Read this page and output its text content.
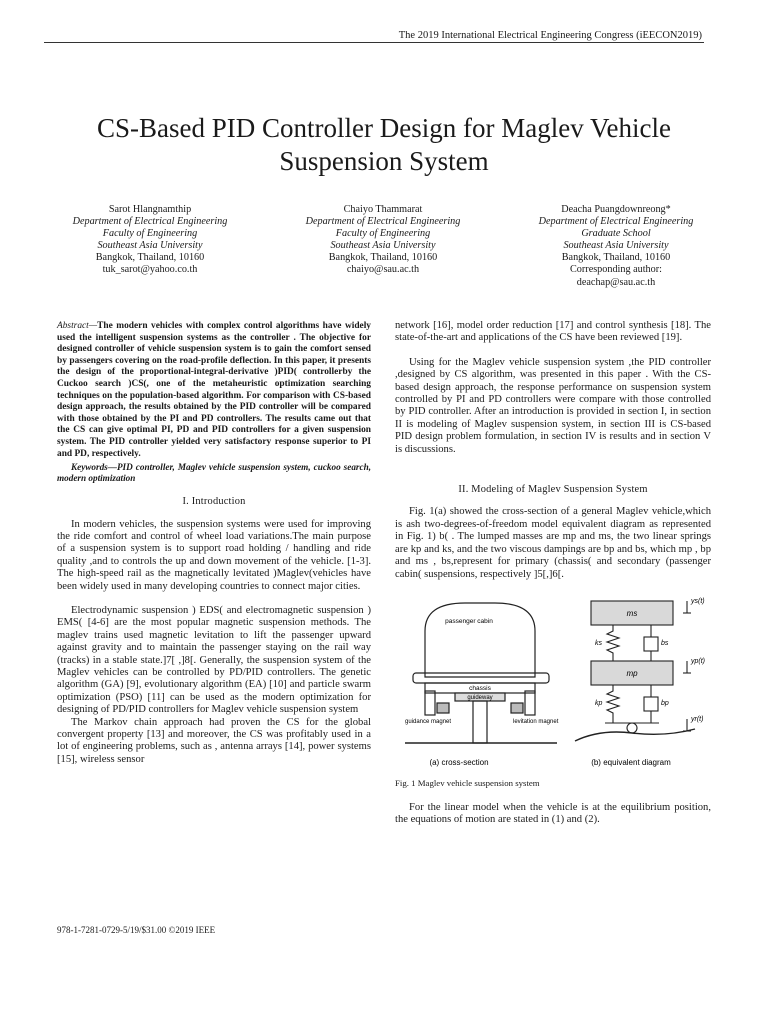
The 2019 International Electrical Engineering Congress (iEECON2019)
CS-Based PID Controller Design for Maglev Vehicle Suspension System
Sarot Hlangnamthip
Department of Electrical Engineering
Faculty of Engineering
Southeast Asia University
Bangkok, Thailand, 10160
tuk_sarot@yahoo.co.th
Chaiyo Thammarat
Department of Electrical Engineering
Faculty of Engineering
Southeast Asia University
Bangkok, Thailand, 10160
chaiyo@sau.ac.th
Deacha Puangdownreong*
Department of Electrical Engineering
Graduate School
Southeast Asia University
Bangkok, Thailand, 10160
Corresponding author:
deachap@sau.ac.th

Abstract—The modern vehicles with complex control algorithms have widely used the intelligent suspension systems as the controller . The objective for designed controller of vehicle suspension system is to gain the comfort sensed by passengers covering on the road-profile deflection. In this paper, it presents the design of the proportional-integral-derivative )PID( controllerby the Cuckoo search )CS(, one of the metaheuristic optimization searching techniques on the population-based algorithm. For comparison with CS-based design approach, the results obtained by the PID controller will be compared with those obtained by the PI and PD controllers. The results came out that the CS can give optimal PI, PD and PID controllers for a given suspension system. The PID controller yielded very satisfactory response superior to PI and PD, respectively.

Keywords—PID controller, Maglev vehicle suspension system, cuckoo search, modern optimization

I. Introduction

In modern vehicles, the suspension systems were used for improving the ride comfort and control of wheel load variations.The main purpose of a suspension system is to support road holding / handling and ride quality ,and to controls the up and down movement of the vehicle. [1-3]. The high-speed rail as the magnetically levitated )Maglev(vehicles have been widely used in many developing countries to connect major cities.

Electrodynamic suspension ) EDS( and electromagnetic suspension ) EMS( [4-6] are the most popular magnetic suspension methods. The maglev trains used magnetic levitation to lift the passenger upward against gravity and to maintain the passenger staying on the rail way (tracks) in a stable state.]7[ ,]8[. Generally, the suspension system of the Maglev vehicles can be controlled by PD/PID controllers. The genetic algorithm (GA) [9], evolutionary algorithm (EA) [10] and particle swarm optimization (PSO) [11] can be used as the modern optimization for designing of PD/PID controllers for Maglev vehicle suspension system

The Markov chain approach had proven the CS for the global convergent property [13] and moreover, the CS was profitably used in a lot of engineering problems, such as , antenna arrays [14], power systems [15], wireless sensor

network [16], model order reduction [17] and control synthesis [18]. The state-of-the-art and applications of the CS have been reviewed [19].

Using for the Maglev vehicle suspension system ,the PID controller ,designed by CS algorithm, was presented in this paper . With the CS-based design approach, the response performance on suspension system controlled by PI and PD controllers were compare with those controlled by PID controller. After an introduction is provided in section I, in section II is modeling of Maglev suspension system, in section III is CS-based PID design problem formulation, in section IV is results and in section V is discussions.

II. Modeling of Maglev Suspension System

Fig. 1(a) showed the cross-section of a general Maglev vehicle,which is ash two-degrees-of-freedom model equivalent diagram as represented in Fig. 1) b( . The lumped masses are mp and ms, the two linear springs are kp and ks, and the two viscous dampings are bp and bs, which mp , bp and ms , bs,represent for primary (chassis( and secondary (passenger cabin( suspensions, respectively ]5[,]6[.

passenger cabin
chassis
guideway
guidance magnet	levitation magnet
(a) cross-section
ms
mp
ks	bs
kp	bp
ys(t)
yp(t)
yr(t)
(b) equivalent diagram

Fig. 1 Maglev vehicle suspension system

For the linear model when the vehicle is at the equilibrium position, the equations of motion are stated in (1) and (2).

978-1-7281-0729-5/19/$31.00 ©2019 IEEE
